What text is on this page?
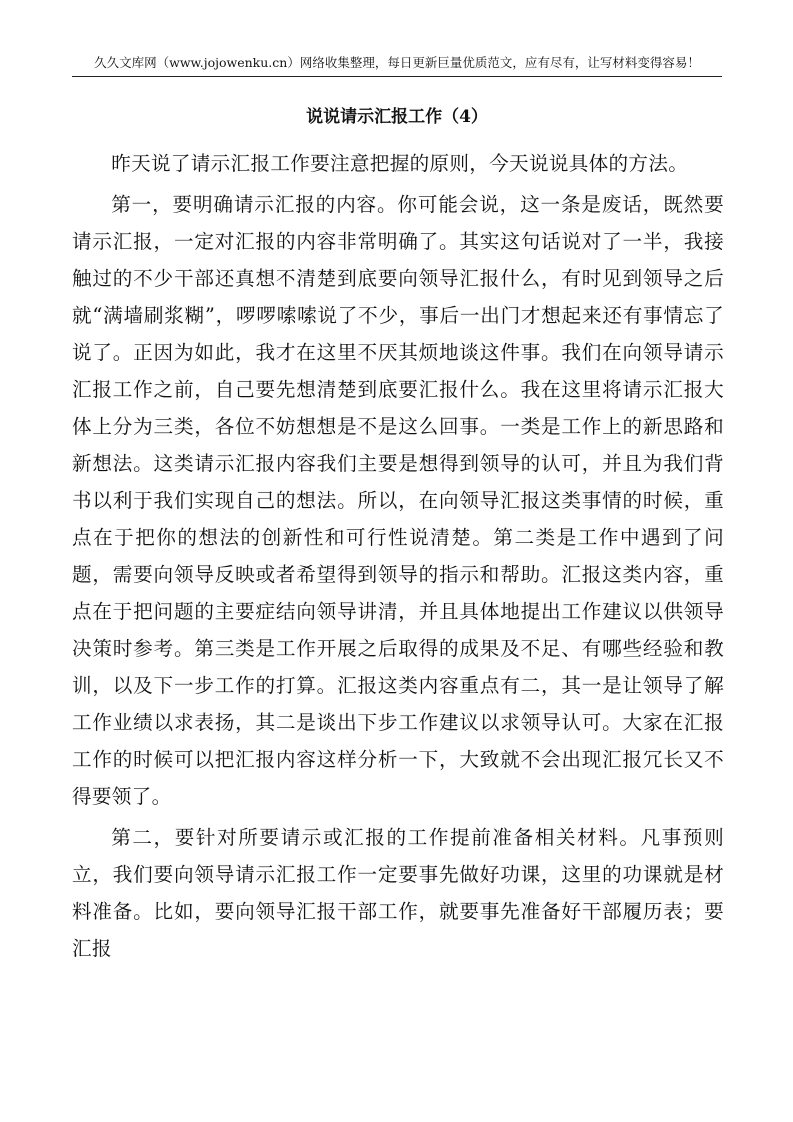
久久文库网（www.jojowenku.cn）网络收集整理，每日更新巨量优质范文，应有尽有，让写材料变得容易！
说说请示汇报工作（4）

昨天说了请示汇报工作要注意把握的原则，今天说说具体的方法。

第一，要明确请示汇报的内容。你可能会说，这一条是废话，既然要请示汇报，一定对汇报的内容非常明确了。其实这句话说对了一半，我接触过的不少干部还真想不清楚到底要向领导汇报什么，有时见到领导之后就“满墙刷浆糊”，啰啰嗦嗦说了不少，事后一出门才想起来还有事情忘了说了。正因为如此，我才在这里不厌其烦地谈这件事。我们在向领导请示汇报工作之前，自己要先想清楚到底要汇报什么。我在这里将请示汇报大体上分为三类，各位不妨想想是不是这么回事。一类是工作上的新思路和新想法。这类请示汇报内容我们主要是想得到领导的认可，并且为我们背书以利于我们实现自己的想法。所以，在向领导汇报这类事情的时候，重点在于把你的想法的创新性和可行性说清楚。第二类是工作中遇到了问题，需要向领导反映或者希望得到领导的指示和帮助。汇报这类内容，重点在于把问题的主要症结向领导讲清，并且具体地提出工作建议以供领导决策时参考。第三类是工作开展之后取得的成果及不足、有哪些经验和教训，以及下一步工作的打算。汇报这类内容重点有二，其一是让领导了解工作业绩以求表扬，其二是谈出下步工作建议以求领导认可。大家在汇报工作的时候可以把汇报内容这样分析一下，大致就不会出现汇报冗长又不得要领了。

第二，要针对所要请示或汇报的工作提前准备相关材料。凡事预则立，我们要向领导请示汇报工作一定要事先做好功课，这里的功课就是材料准备。比如，要向领导汇报干部工作，就要事先准备好干部履历表；要汇报
